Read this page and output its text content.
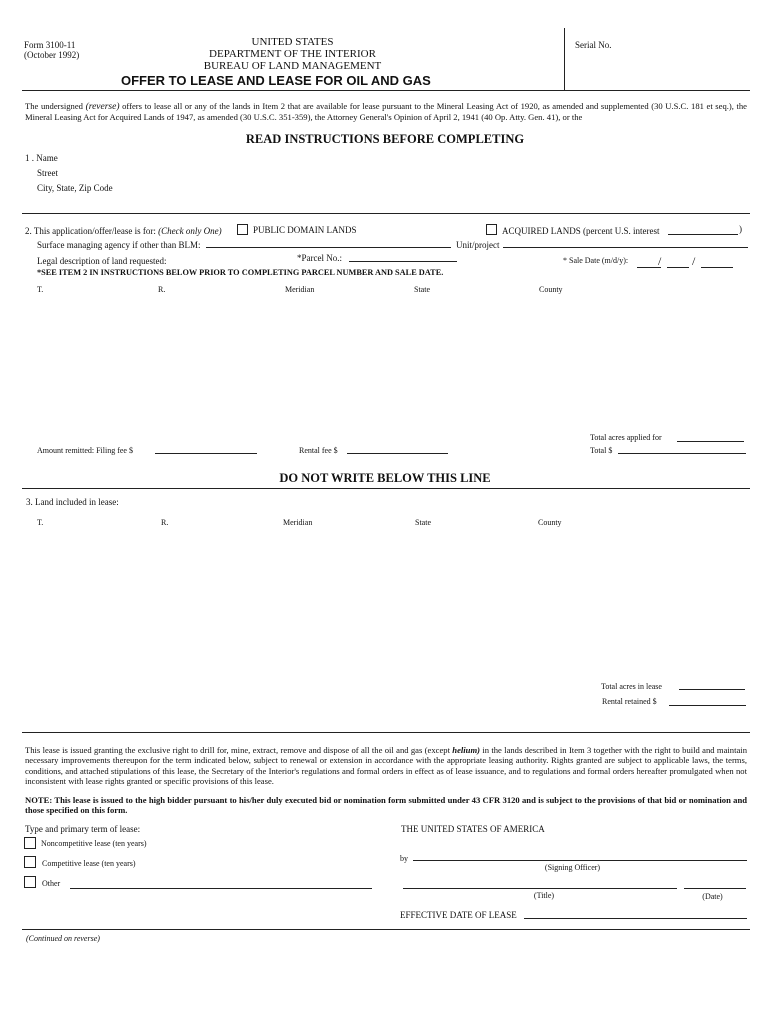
Form 3100-11
(October 1992)
UNITED STATES
DEPARTMENT OF THE INTERIOR
BUREAU OF LAND MANAGEMENT
OFFER TO LEASE AND LEASE FOR OIL AND GAS
Serial No.
The undersigned (reverse) offers to lease all or any of the lands in Item 2 that are available for lease pursuant to the Mineral Leasing Act of 1920, as amended and supplemented (30 U.S.C. 181 et seq.), the Mineral Leasing Act for Acquired Lands of 1947, as amended (30 U.S.C. 351-359), the Attorney General's Opinion of April 2, 1941 (40 Op. Atty. Gen. 41), or the
READ INSTRUCTIONS BEFORE COMPLETING
1 . Name
Street
City, State, Zip Code
2. This application/offer/lease is for: (Check only One)	PUBLIC DOMAIN LANDS	ACQUIRED LANDS (percent U.S. interest	)
Surface managing agency if other than BLM:	Unit/project
Legal description of land requested:	*Parcel No.:	* Sale Date (m/d/y): /	/
*SEE ITEM 2 IN INSTRUCTIONS BELOW PRIOR TO COMPLETING PARCEL NUMBER AND SALE DATE.
T.	R.	Meridian	State	County
Total acres applied for
Amount remitted: Filing fee $	Rental fee $	Total $
DO NOT WRITE BELOW THIS LINE
3. Land included in lease:
T.	R.	Meridian	State	County
Total acres in lease
Rental retained $
This lease is issued granting the exclusive right to drill for, mine, extract, remove and dispose of all the oil and gas (except helium) in the lands described in Item 3 together with the right to build and maintain necessary improvements thereupon for the term indicated below, subject to renewal or extension in accordance with the appropriate leasing authority. Rights granted are subject to applicable laws, the terms, conditions, and attached stipulations of this lease, the Secretary of the Interior's regulations and formal orders in effect as of lease issuance, and to regulations and formal orders hereafter promulgated when not inconsistent with lease rights granted or specific provisions of this lease.
NOTE: This lease is issued to the high bidder pursuant to his/her duly executed bid or nomination form submitted under 43 CFR 3120 and is subject to the provisions of that bid or nomination and those specified on this form.
Type and primary term of lease:
Noncompetitive lease (ten years)
Competitive lease (ten years)
Other
THE UNITED STATES OF AMERICA
by
(Signing Officer)
(Title)	(Date)
EFFECTIVE DATE OF LEASE
(Continued on reverse)
